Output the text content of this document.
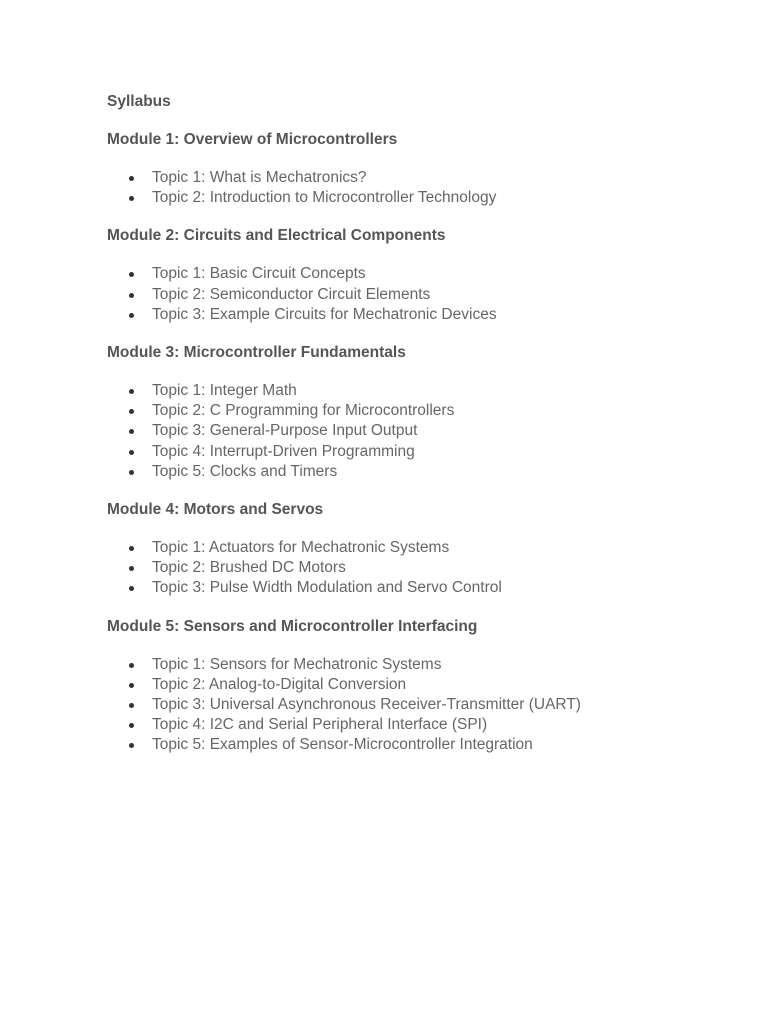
Syllabus
Module 1: Overview of Microcontrollers
Topic 1: What is Mechatronics?
Topic 2: Introduction to Microcontroller Technology
Module 2: Circuits and Electrical Components
Topic 1: Basic Circuit Concepts
Topic 2: Semiconductor Circuit Elements
Topic 3: Example Circuits for Mechatronic Devices
Module 3: Microcontroller Fundamentals
Topic 1: Integer Math
Topic 2: C Programming for Microcontrollers
Topic 3: General-Purpose Input Output
Topic 4: Interrupt-Driven Programming
Topic 5: Clocks and Timers
Module 4: Motors and Servos
Topic 1: Actuators for Mechatronic Systems
Topic 2: Brushed DC Motors
Topic 3: Pulse Width Modulation and Servo Control
Module 5: Sensors and Microcontroller Interfacing
Topic 1: Sensors for Mechatronic Systems
Topic 2: Analog-to-Digital Conversion
Topic 3: Universal Asynchronous Receiver-Transmitter (UART)
Topic 4: I2C and Serial Peripheral Interface (SPI)
Topic 5: Examples of Sensor-Microcontroller Integration
